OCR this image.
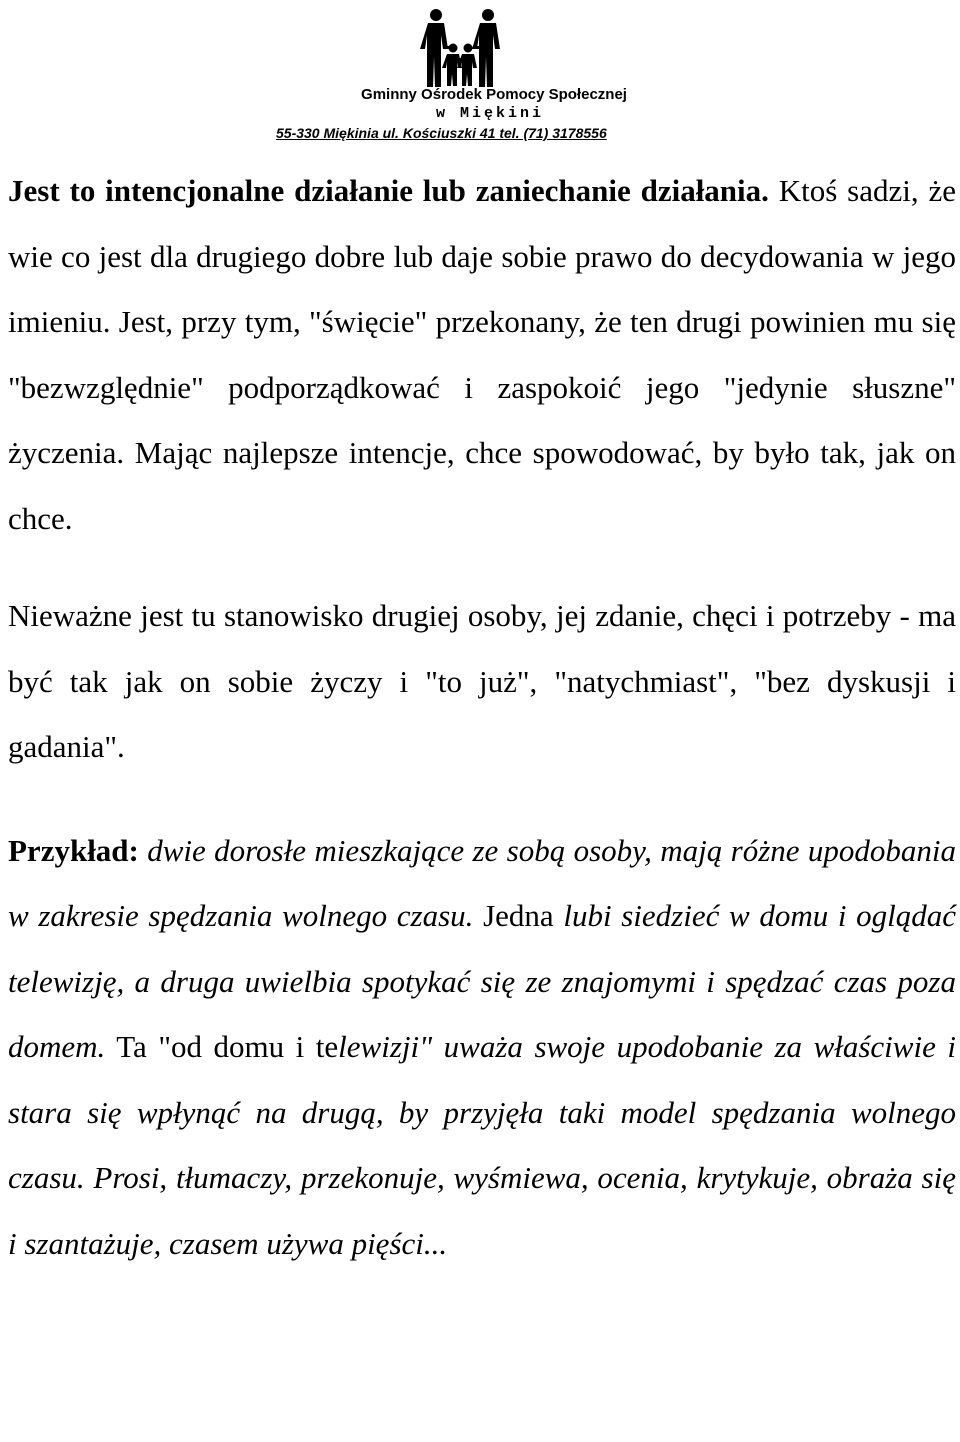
Gminny Ośrodek Pomocy Społecznej
w Miękini
55-330 Miękinia ul. Kościuszki 41 tel. (71) 3178556

Jest to intencjonalne działanie lub zaniechanie działania. Ktoś sadzi, że wie co jest dla drugiego dobre lub daje sobie prawo do decydowania w jego imieniu. Jest, przy tym, "święcie" przekonany, że ten drugi powinien mu się "bezwzględnie" podporządkować i zaspokoić jego "jedynie słuszne" życzenia. Mając najlepsze intencje, chce spowodować, by było tak, jak on chce.

Nieważne jest tu stanowisko drugiej osoby, jej zdanie, chęci i potrzeby - ma być tak jak on sobie życzy i "to już", "natychmiast", "bez dyskusji i gadania".

Przykład: dwie dorosłe mieszkające ze sobą osoby, mają różne upodobania w zakresie spędzania wolnego czasu. Jedna lubi siedzieć w domu i oglądać telewizję, a druga uwielbia spotykać się ze znajomymi i spędzać czas poza domem. Ta "od domu i telewizji" uważa swoje upodobanie za właściwie i stara się wpłynąć na drugą, by przyjęła taki model spędzania wolnego czasu. Prosi, tłumaczy, przekonuje, wyśmiewa, ocenia, krytykuje, obraża się i szantażuje, czasem używa pięści...
